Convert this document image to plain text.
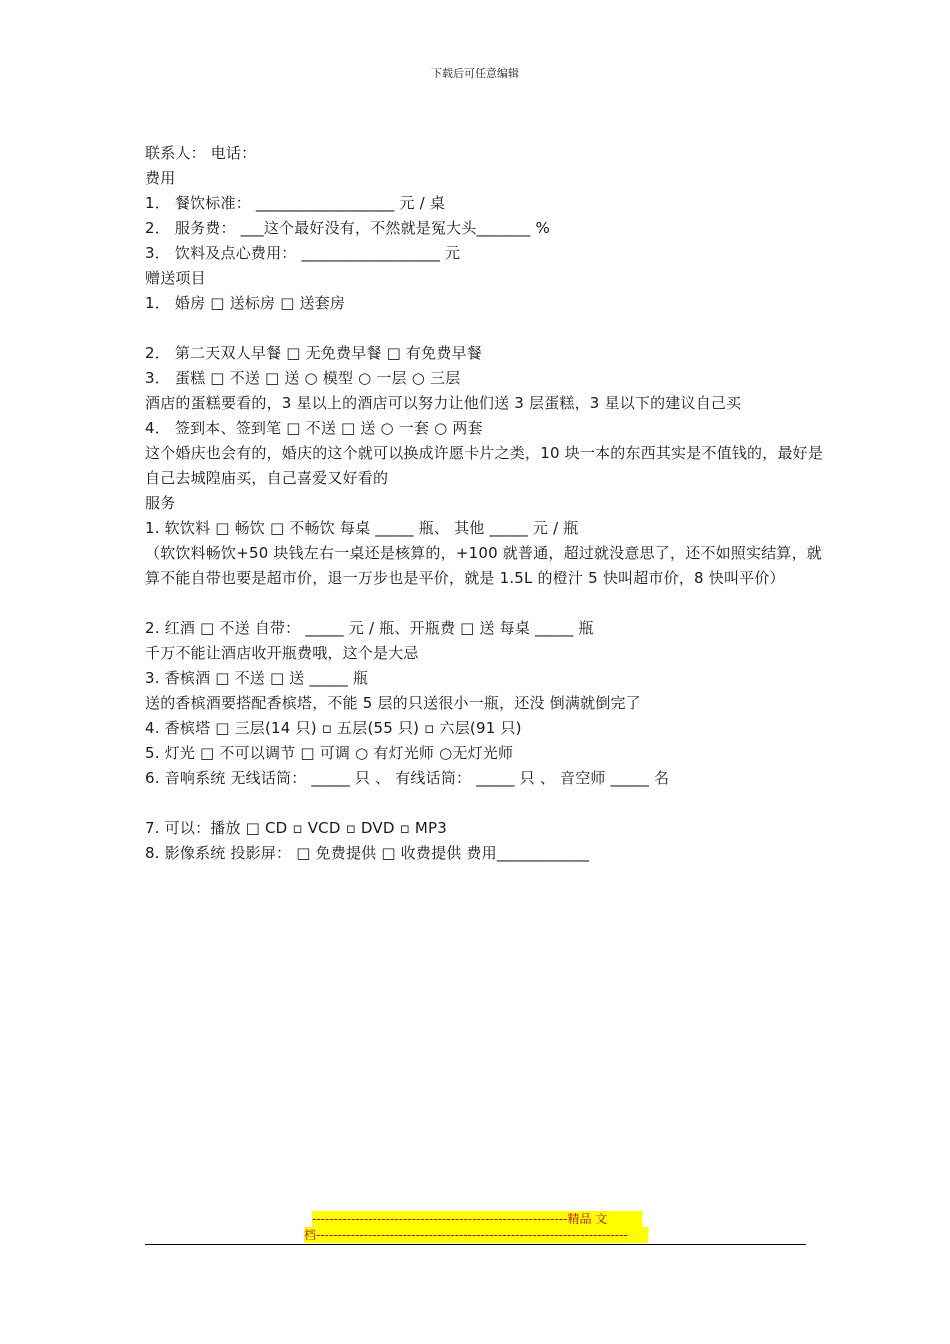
下载后可任意编辑
联系人： 电话：
费用
1． 餐饮标准： __________________ 元 / 桌
2． 服务费： ___这个最好没有，不然就是冤大头_______ %
3． 饮料及点心费用： __________________ 元
赠送项目
1． 婚房 □ 送标房 □ 送套房
2． 第二天双人早餐 □ 无免费早餐 □ 有免费早餐
3． 蛋糕 □ 不送 □ 送 ○ 模型 ○ 一层 ○ 三层
酒店的蛋糕要看的，3 星以上的酒店可以努力让他们送 3 层蛋糕，3 星以下的建议自己买
4． 签到本、签到笔 □ 不送 □ 送 ○ 一套 ○ 两套
这个婚庆也会有的，婚庆的这个就可以换成许愿卡片之类，10 块一本的东西其实是不值钱的，最好是自己去城隍庙买，自己喜爱又好看的
服务
1. 软饮料 □ 畅饮 □ 不畅饮 每桌 _____ 瓶、 其他 _____ 元 / 瓶
（软饮料畅饮+50 块钱左右一桌还是核算的，+100 就普通，超过就没意思了，还不如照实结算，就算不能自带也要是超市价，退一万步也是平价，就是 1.5L 的橙汁 5 快叫超市价，8 快叫平价）
2. 红酒 □ 不送 自带： _____ 元 / 瓶、开瓶费 □ 送 每桌 _____ 瓶
千万不能让酒店收开瓶费哦，这个是大忌
3. 香槟酒 □ 不送 □ 送 _____ 瓶
送的香槟酒要搭配香槟塔，不能 5 层的只送很小一瓶，还没 倒满就倒完了
4. 香槟塔 □ 三层(14 只) ▫ 五层(55 只) ▫ 六层(91 只)
5. 灯光 □ 不可以调节 □ 可调 ○ 有灯光师 ○无灯光师
6. 音响系统 无线话筒： _____ 只 、 有线话筒： _____ 只 、 音空师 _____ 名
7. 可以：播放 □ CD ▫ VCD ▫ DVD ▫ MP3
8. 影像系统 投影屏： □ 免费提供 □ 收费提供 费用____________
-----------------------------------------------------------精品 文
档------------------------------------------------------------------------
